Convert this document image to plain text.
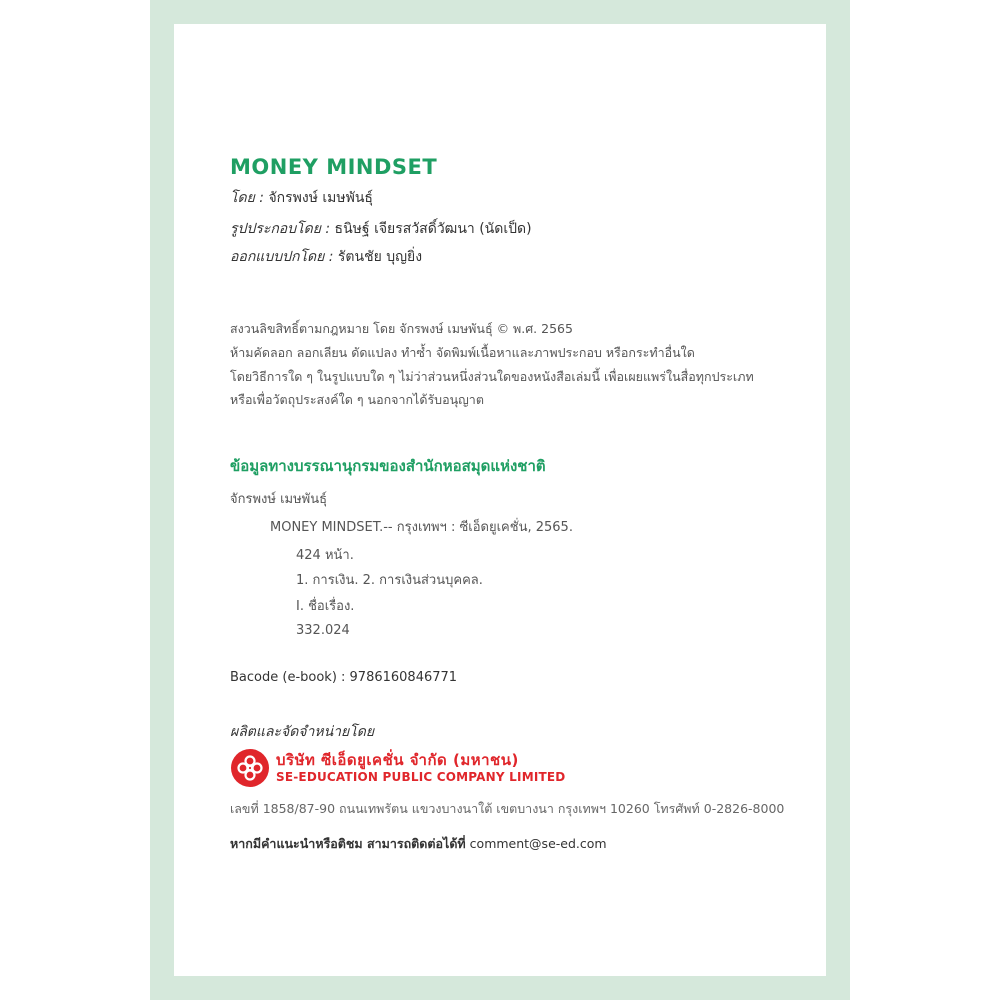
MONEY MINDSET
โดย : จักรพงษ์ เมษพันธุ์
รูปประกอบโดย : ธนิษฐ์ เจียรสวัสดิ์วัฒนา (นัดเป็ด)
ออกแบบปกโดย : รัตนชัย บุญยิ่ง
สงวนลิขสิทธิ์ตามกฎหมาย โดย จักรพงษ์ เมษพันธุ์ © พ.ศ. 2565
ห้ามคัดลอก ลอกเลียน ดัดแปลง ทำซ้ำ จัดพิมพ์เนื้อหาและภาพประกอบ หรือกระทำอื่นใด
โดยวิธีการใด ๆ ในรูปแบบใด ๆ ไม่ว่าส่วนหนึ่งส่วนใดของหนังสือเล่มนี้ เพื่อเผยแพร่ในสื่อทุกประเภท
หรือเพื่อวัตถุประสงค์ใด ๆ นอกจากได้รับอนุญาต
ข้อมูลทางบรรณานุกรมของสำนักหอสมุดแห่งชาติ
จักรพงษ์ เมษพันธุ์
MONEY MINDSET.-- กรุงเทพฯ : ซีเอ็ดยูเคชั่น, 2565.
424 หน้า.
1. การเงิน. 2. การเงินส่วนบุคคล.
I. ชื่อเรื่อง.
332.024
Bacode (e-book) : 9786160846771
ผลิตและจัดจำหน่ายโดย
บริษัท ซีเอ็ดยูเคชั่น จำกัด (มหาชน)
SE-EDUCATION PUBLIC COMPANY LIMITED
เลขที่ 1858/87-90 ถนนเทพรัตน แขวงบางนาใต้ เขตบางนา กรุงเทพฯ 10260 โทรศัพท์ 0-2826-8000
หากมีคำแนะนำหรือติชม สามารถติดต่อได้ที่ comment@se-ed.com
